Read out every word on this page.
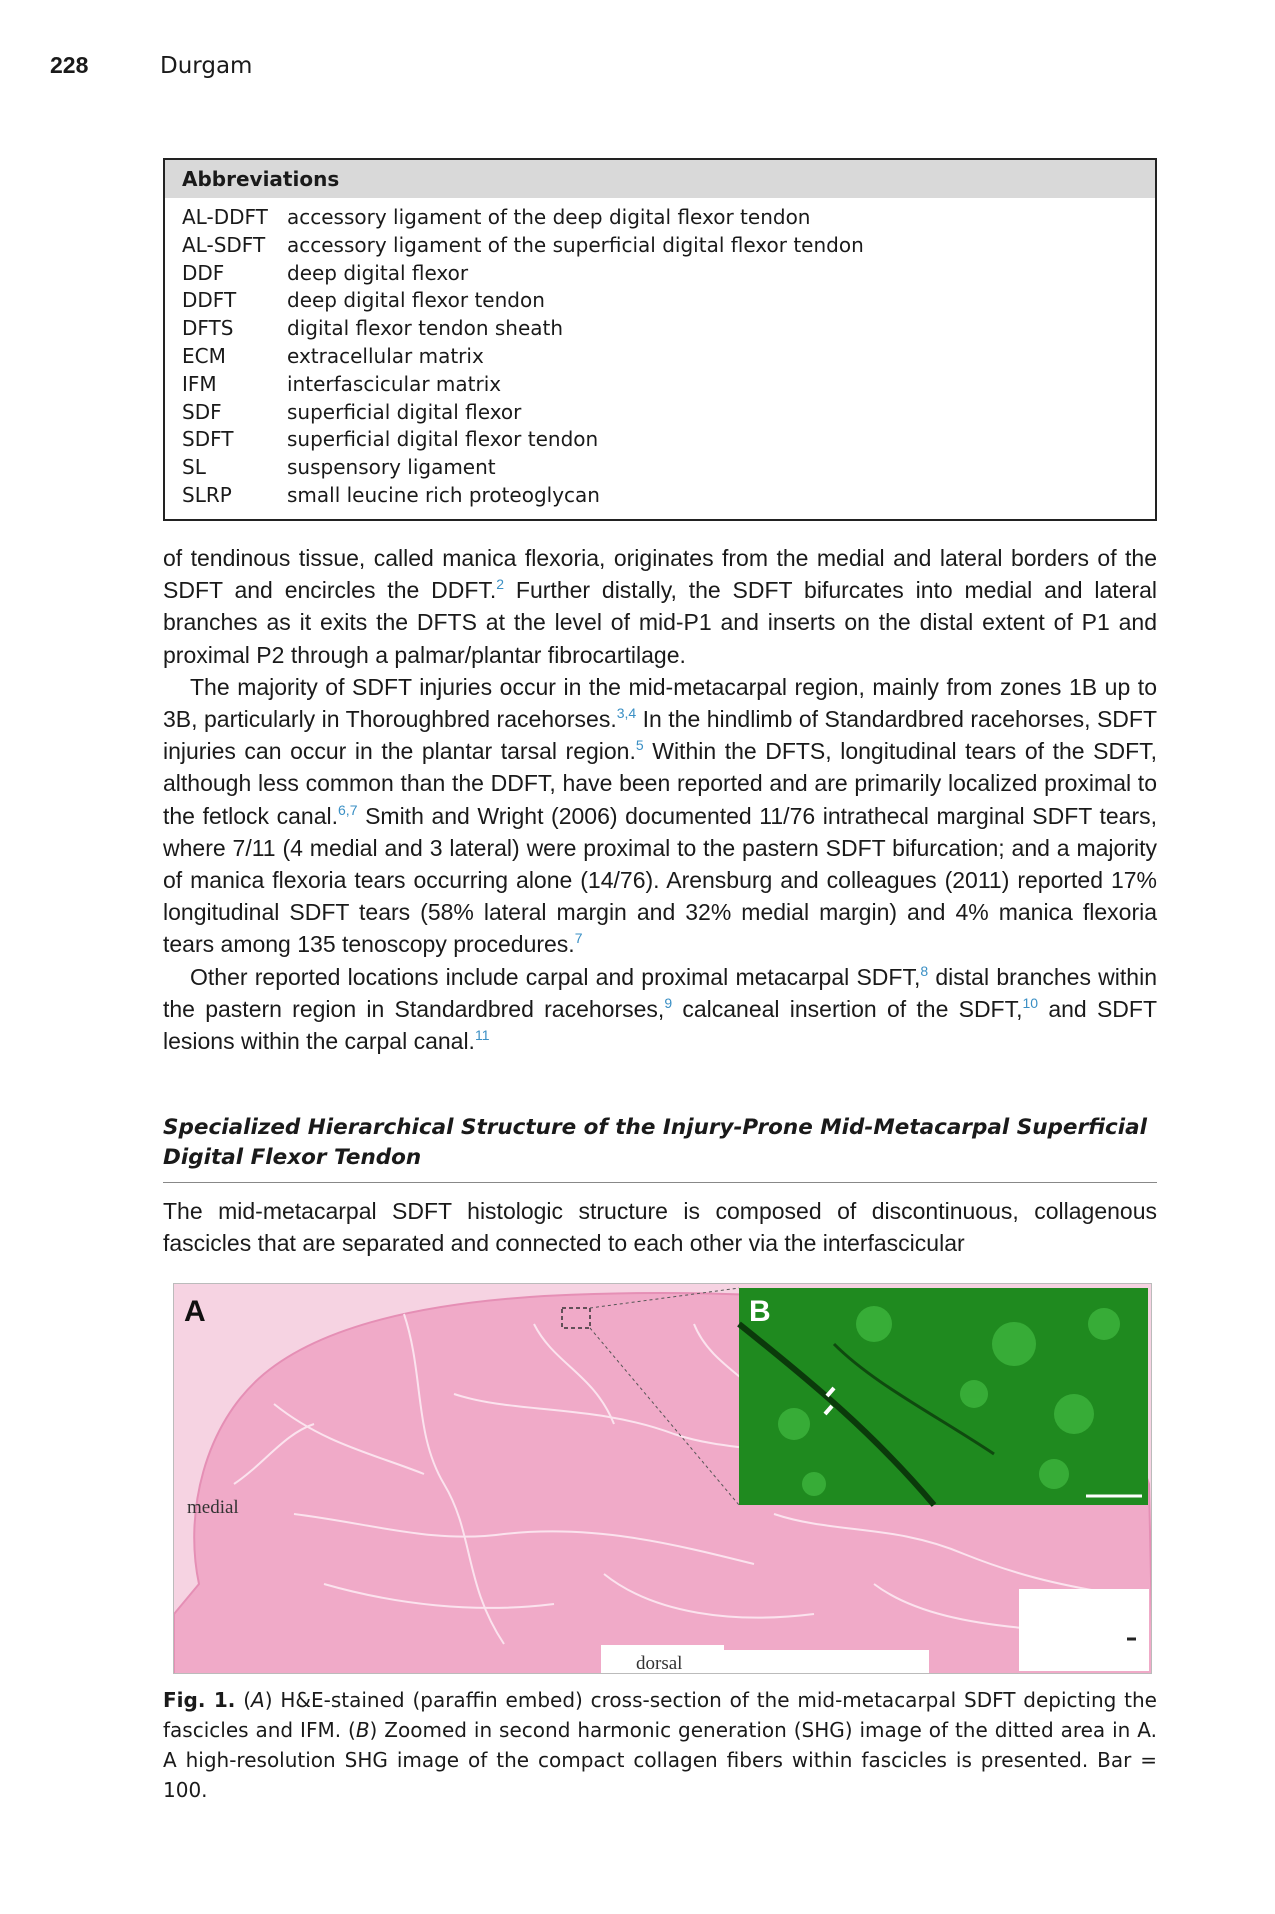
228	Durgam
Abbreviations
AL-DDFT accessory ligament of the deep digital flexor tendon
AL-SDFT accessory ligament of the superficial digital flexor tendon
DDF	deep digital flexor
DDFT	deep digital flexor tendon
DFTS	digital flexor tendon sheath
ECM	extracellular matrix
IFM	interfascicular matrix
SDF	superficial digital flexor
SDFT	superficial digital flexor tendon
SL	suspensory ligament
SLRP	small leucine rich proteoglycan

of tendinous tissue, called manica flexoria, originates from the medial and lateral borders of the SDFT and encircles the DDFT.$^2$ Further distally, the SDFT bifurcates into medial and lateral branches as it exits the DFTS at the level of mid-P1 and inserts on the distal extent of P1 and proximal P2 through a palmar/plantar fibrocartilage.

The majority of SDFT injuries occur in the mid-metacarpal region, mainly from zones 1B up to 3B, particularly in Thoroughbred racehorses.$^{3,4}$ In the hindlimb of Standardbred racehorses, SDFT injuries can occur in the plantar tarsal region.$^5$ Within the DFTS, longitudinal tears of the SDFT, although less common than the DDFT, have been reported and are primarily localized proximal to the fetlock canal.$^{6,7}$ Smith and Wright (2006) documented 11/76 intrathecal marginal SDFT tears, where 7/11 (4 medial and 3 lateral) were proximal to the pastern SDFT bifurcation; and a majority of manica flexoria tears occurring alone (14/76). Arensburg and colleagues (2011) reported 17% longitudinal SDFT tears (58% lateral margin and 32% medial margin) and 4% manica flexoria tears among 135 tenoscopy procedures.$^7$

Other reported locations include carpal and proximal metacarpal SDFT,$^8$ distal branches within the pastern region in Standardbred racehorses,$^9$ calcaneal insertion of the SDFT,$^{10}$ and SDFT lesions within the carpal canal.$^{11}$

Specialized Hierarchical Structure of the Injury-Prone Mid-Metacarpal Superficial Digital Flexor Tendon

The mid-metacarpal SDFT histologic structure is composed of discontinuous, collagenous fascicles that are separated and connected to each other via the interfascicular

A	B
medial
dorsal
Fig. 1. (A) H&E-stained (paraffin embed) cross-section of the mid-metacarpal SDFT depicting the fascicles and IFM. (B) Zoomed in second harmonic generation (SHG) image of the ditted area in A. A high-resolution SHG image of the compact collagen fibers within fascicles is presented. Bar = 100.
